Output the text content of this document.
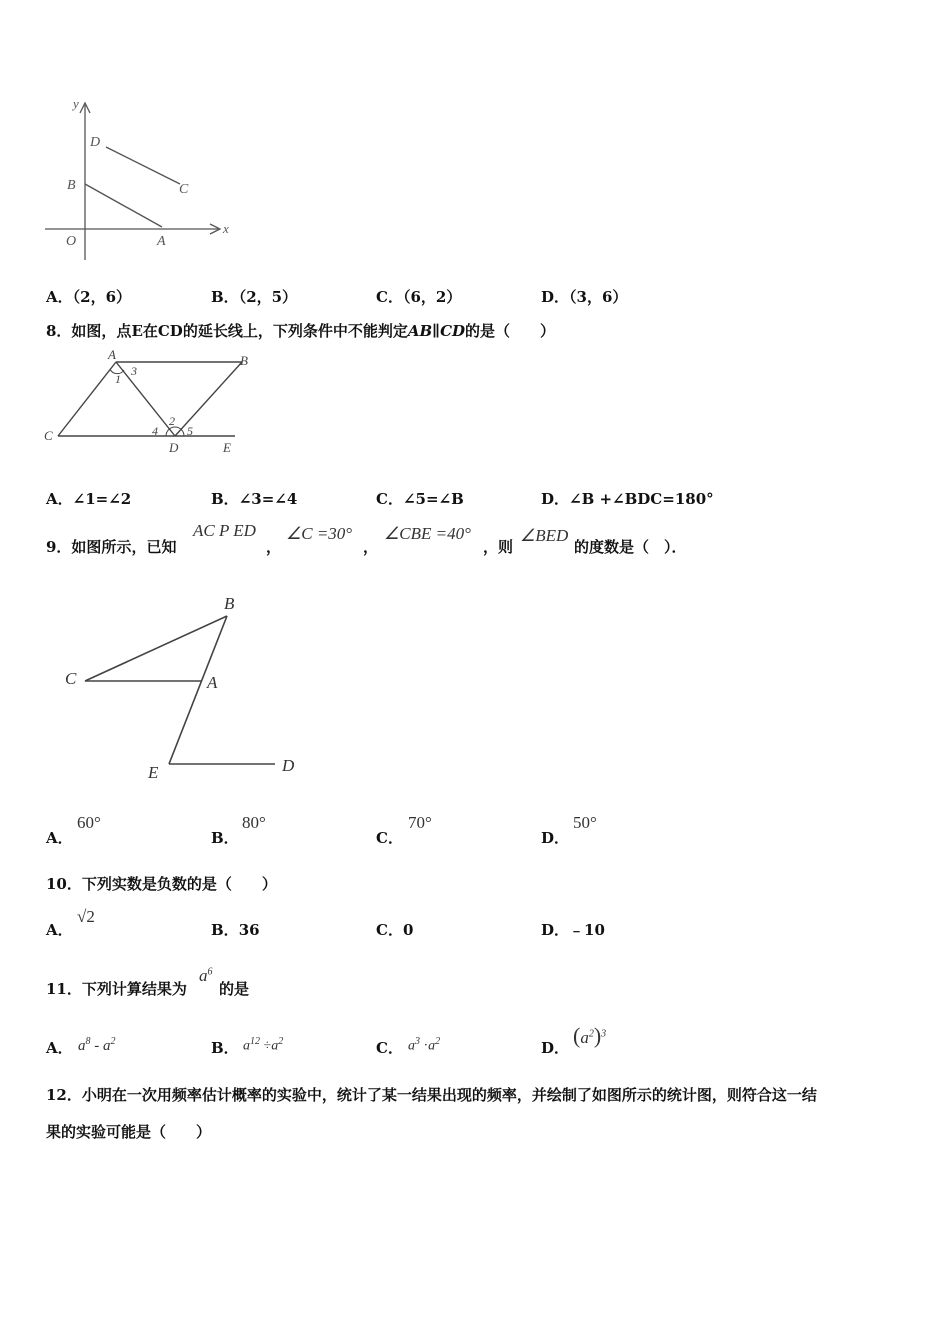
y
x
O	A
B	C
D
A．（2，6）	B．（2，5）	C．（6，2）	D．（3，6）
8．如图，点E在CD的延长线上，下列条件中不能判定AB∥CD的是（　　）
A	B
C
D	E
1
3
2
4 5
A．∠1=∠2	B．∠3=∠4	C．∠5=∠B	D．∠B +∠BDC=180°
9．如图所示，已知
AC P ED
，
∠C =30°
，
∠CBE =40°
，则
∠BED
的度数是（　）．
B
C	A
E	D
A．
60°
B．
80°
C．
70°
D．
50°
10．下列实数是负数的是（　　）
A．
√2
B．36	C．0	D．﹣10
11．下列计算结果为
$a^6$
的是
A． $a^8 - a^2$	B． $a^{12} \div a^2$	C． $a^3 \cdot a^2$	D． $(a^2)^3$
12．小明在一次用频率估计概率的实验中，统计了某一结果出现的频率，并绘制了如图所示的统计图，则符合这一结
果的实验可能是（　　）
